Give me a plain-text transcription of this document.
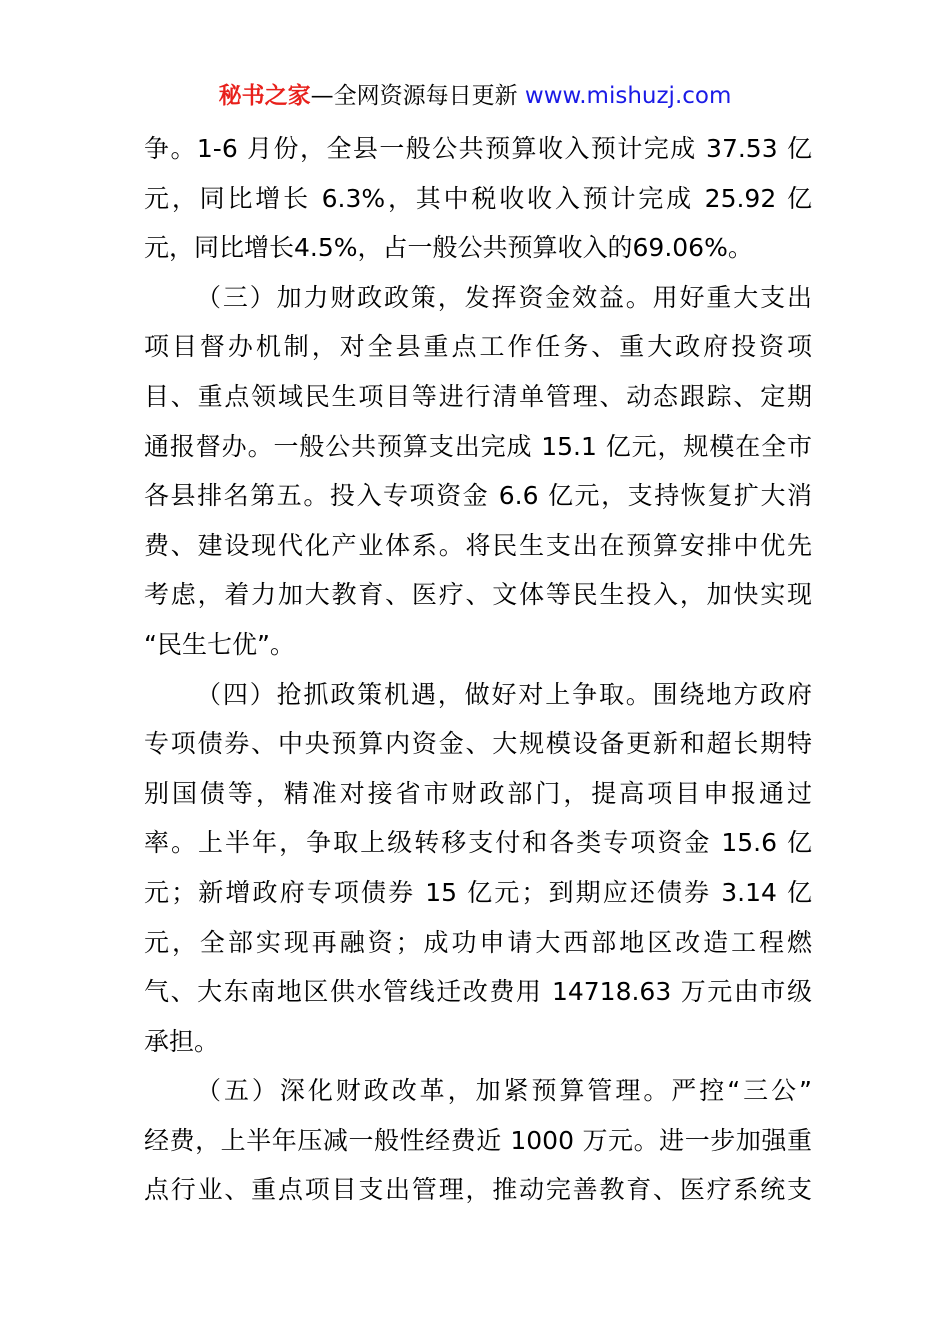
秘书之家—全网资源每日更新 www.mishuzj.com
争。1-6 月份，全县一般公共预算收入预计完成 37.53 亿
元，同比增长 6.3%，其中税收收入预计完成 25.92 亿
元，同比增长4.5%，占一般公共预算收入的69.06%。
（三）加力财政政策，发挥资金效益。用好重大支出
项目督办机制，对全县重点工作任务、重大政府投资项
目、重点领域民生项目等进行清单管理、动态跟踪、定期
通报督办。一般公共预算支出完成 15.1 亿元，规模在全市
各县排名第五。投入专项资金 6.6 亿元，支持恢复扩大消
费、建设现代化产业体系。将民生支出在预算安排中优先
考虑，着力加大教育、医疗、文体等民生投入，加快实现
“民生七优”。
（四）抢抓政策机遇，做好对上争取。围绕地方政府
专项债券、中央预算内资金、大规模设备更新和超长期特
别国债等，精准对接省市财政部门，提高项目申报通过
率。上半年，争取上级转移支付和各类专项资金 15.6 亿
元；新增政府专项债券 15 亿元；到期应还债券 3.14 亿
元，全部实现再融资；成功申请大西部地区改造工程燃
气、大东南地区供水管线迁改费用 14718.63 万元由市级
承担。
（五）深化财政改革，加紧预算管理。严控“三公”
经费，上半年压减一般性经费近 1000 万元。进一步加强重
点行业、重点项目支出管理，推动完善教育、医疗系统支
